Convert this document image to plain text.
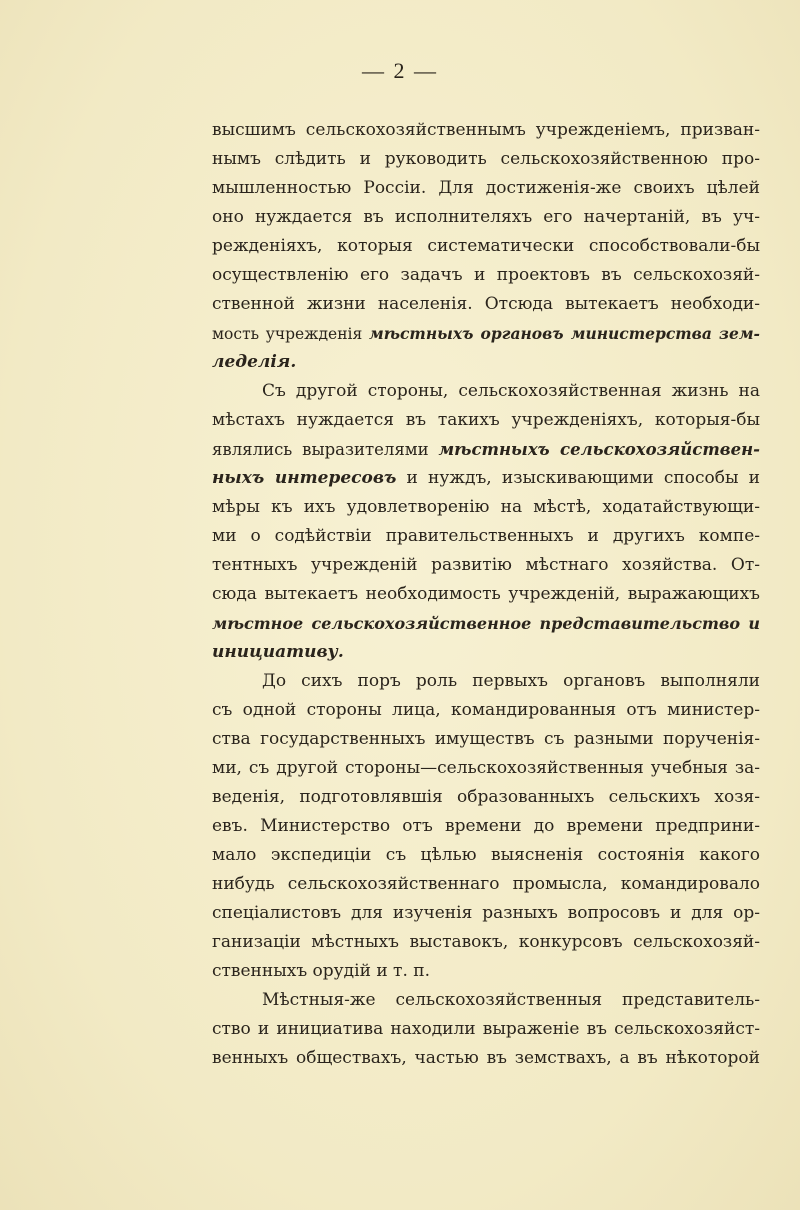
— 2 —
высшимъ сельскохозяйственнымъ учрежденiемъ, призван-
нымъ слѣдить и руководить сельскохозяйственною про-
мышленностью Россiи. Для достиженiя-же своихъ цѣлей
оно нуждается въ исполнителяхъ его начертанiй, въ уч-
режденiяхъ, которыя систематически способствовали-бы
осуществленiю его задачъ и проектовъ въ сельскохозяй-
ственной жизни населенiя. Отсюда вытекаетъ необходи-
мость учрежденiя мѣстныхъ органовъ министерства зем-
леделiя.
Съ другой стороны, сельскохозяйственная жизнь на
мѣстахъ нуждается въ такихъ учрежденiяхъ, которыя-бы
являлись выразителями мѣстныхъ сельскохозяйствен-
ныхъ интересовъ и нуждъ, изыскивающими способы и
мѣры къ ихъ удовлетворенiю на мѣстѣ, ходатайствующи-
ми о содѣйствiи правительственныхъ и другихъ компе-
тентныхъ учрежденiй развитiю мѣстнаго хозяйства. От-
сюда вытекаетъ необходимость учрежденiй, выражающихъ
мѣстное сельскохозяйственное представительство и
инициативу.
До сихъ поръ роль первыхъ органовъ выполняли
съ одной стороны лица, командированныя отъ министер-
ства государственныхъ имуществъ съ разными порученiя-
ми, съ другой стороны—сельскохозяйственныя учебныя за-
веденiя, подготовлявшiя образованныхъ сельскихъ хозя-
евъ. Министерство отъ времени до времени предприни-
мало экспедицiи съ цѣлью выясненiя состоянiя какого
нибудь сельскохозяйственнаго промысла, командировало
спецiалистовъ для изученiя разныхъ вопросовъ и для ор-
ганизацiи мѣстныхъ выставокъ, конкурсовъ сельскохозяй-
ственныхъ орудiй и т. п.
Мѣстныя-же сельскохозяйственныя представитель-
ство и инициатива находили выраженiе въ сельскохозяйст-
венныхъ обществахъ, частью въ земствахъ, а въ нѣкоторой
